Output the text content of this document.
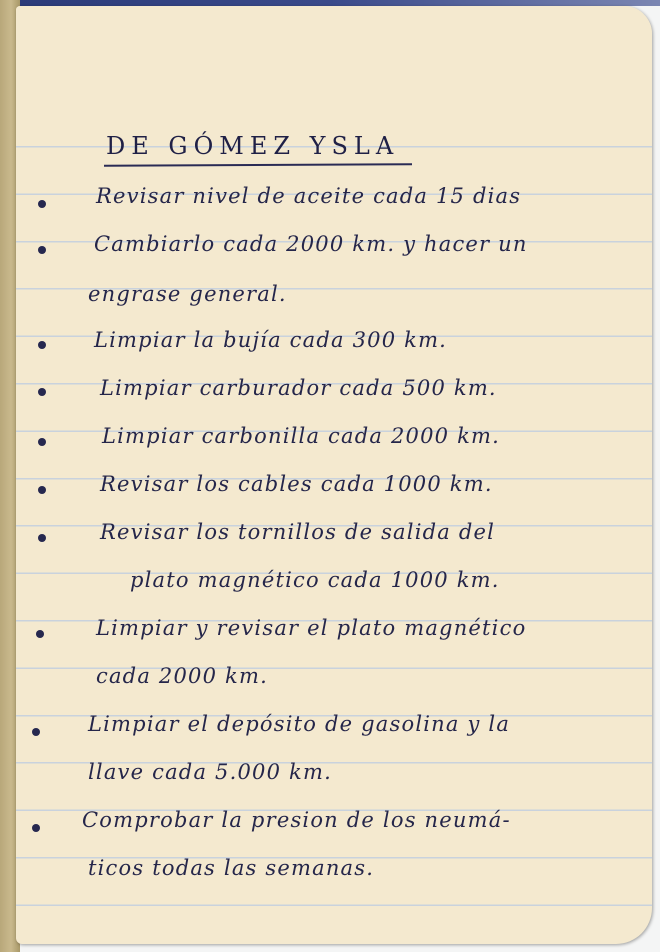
DE GÓMEZ YSLA
Revisar nivel de aceite cada 15 dias
Cambiarlo cada 2000 km. y hacer un
engrase general.
Limpiar la bujía cada 300 km.
Limpiar carburador cada 500 km.
Limpiar carbonilla cada 2000 km.
Revisar los cables cada 1000 km.
Revisar los tornillos de salida del
plato magnético cada 1000 km.
Limpiar y revisar el plato magnético
cada 2000 km.
Limpiar el depósito de gasolina y la
llave cada 5.000 km.
Comprobar la presion de los neumá-
ticos todas las semanas.
